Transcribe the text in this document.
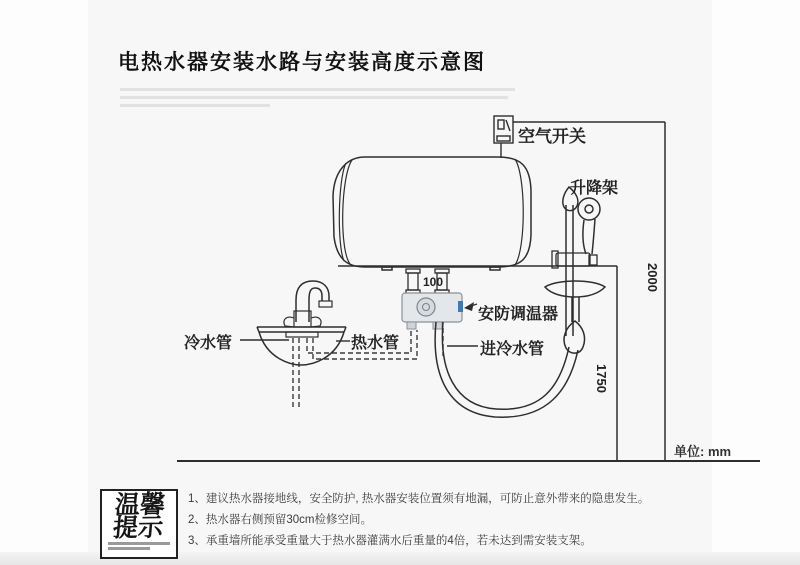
电热水器安装水路与安装高度示意图
空气开关
升降架
100
安防调温器
冷水管	热水管	进冷水管
2000
1750
单位: mm
温馨
提示
1、建议热水器接地线，安全防护, 热水器安装位置须有地漏，可防止意外带来的隐患发生。
2、热水器右侧预留30cm检修空间。
3、承重墙所能承受重量大于热水器灌满水后重量的4倍，若未达到需安装支架。
